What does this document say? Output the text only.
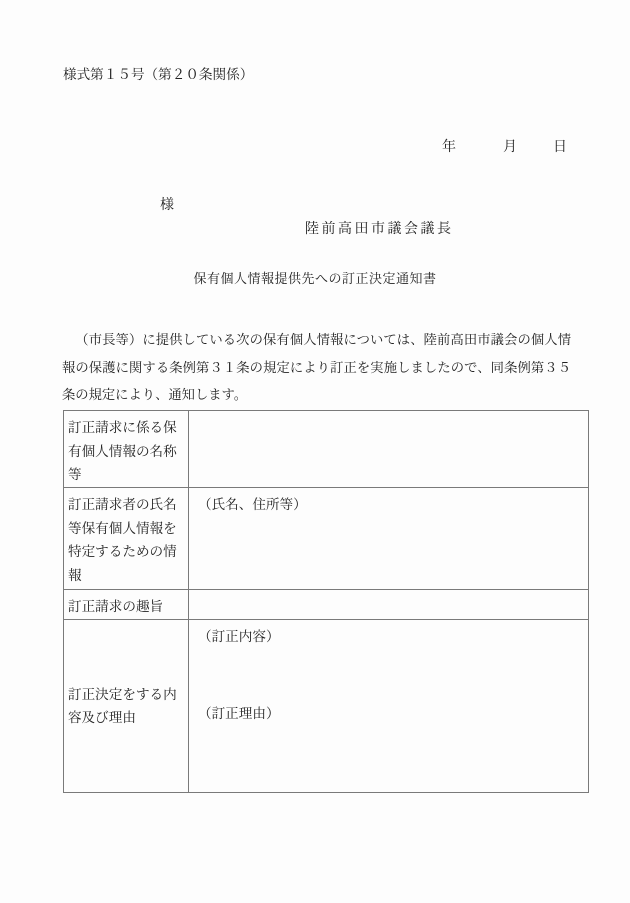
様式第１５号（第２０条関係）
年	月	日
様
陸前高田市議会議長
保有個人情報提供先への訂正決定通知書
（市長等）に提供している次の保有個人情報については、陸前高田市議会の個人情報の保護に関する条例第３１条の規定により訂正を実施しましたので、同条例第３５条の規定により、通知します。
訂正請求に係る保有個人情報の名称等
訂正請求者の氏名等保有個人情報を特定するための情報
（氏名、住所等）
訂正請求の趣旨
訂正決定をする内容及び理由
（訂正内容）
（訂正理由）
